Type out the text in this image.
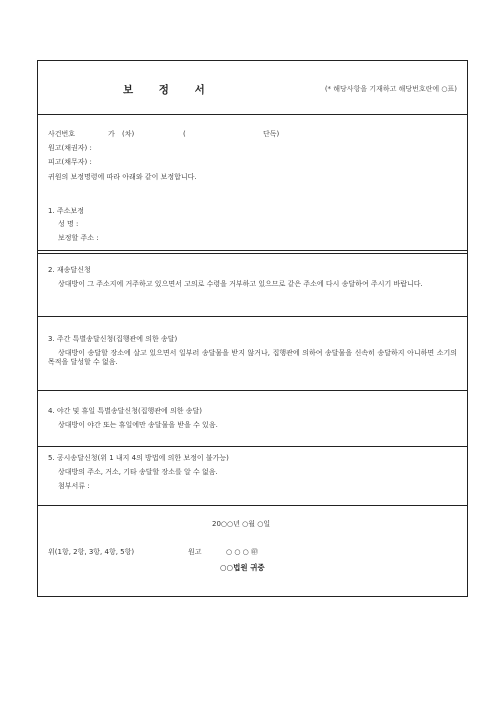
보 정 서	(* 해당사항을 기재하고 해당번호란에 ○표)
사건번호	가 (차)	(	단독)
원고(채권자) :
피고(채무자) :
귀원의 보정명령에 따라 아래와 같이 보정합니다.
1. 주소보정
성 명 :
보정할 주소 :
2. 재송달신청
상대방이 그 주소지에 거주하고 있으면서 고의로 수령을 거부하고 있으므로 같은 주소에 다시 송달하여 주시기 바랍니다.
3. 주간 특별송달신청(집행관에 의한 송달)
상대방이 송달할 장소에 살고 있으면서 일부러 송달물을 받지 않거나, 집행관에 의하여 송달물을 신속히 송달하지 아니하면 소기의 목적을 달성할 수 없음.
4. 야간 및 휴일 특별송달신청(집행관에 의한 송달)
상대방이 야간 또는 휴일에만 송달물을 받을 수 있음.
5. 공시송달신청(위 1 내지 4의 방법에 의한 보정이 불가능)
상대방의 주소, 거소, 기타 송달할 장소를 알 수 없음.
첨부서류 :
20○○년 ○월 ○일
위(1항, 2항, 3항, 4항, 5항)	원고	○ ○ ○ ㊞
○○법원 귀중
